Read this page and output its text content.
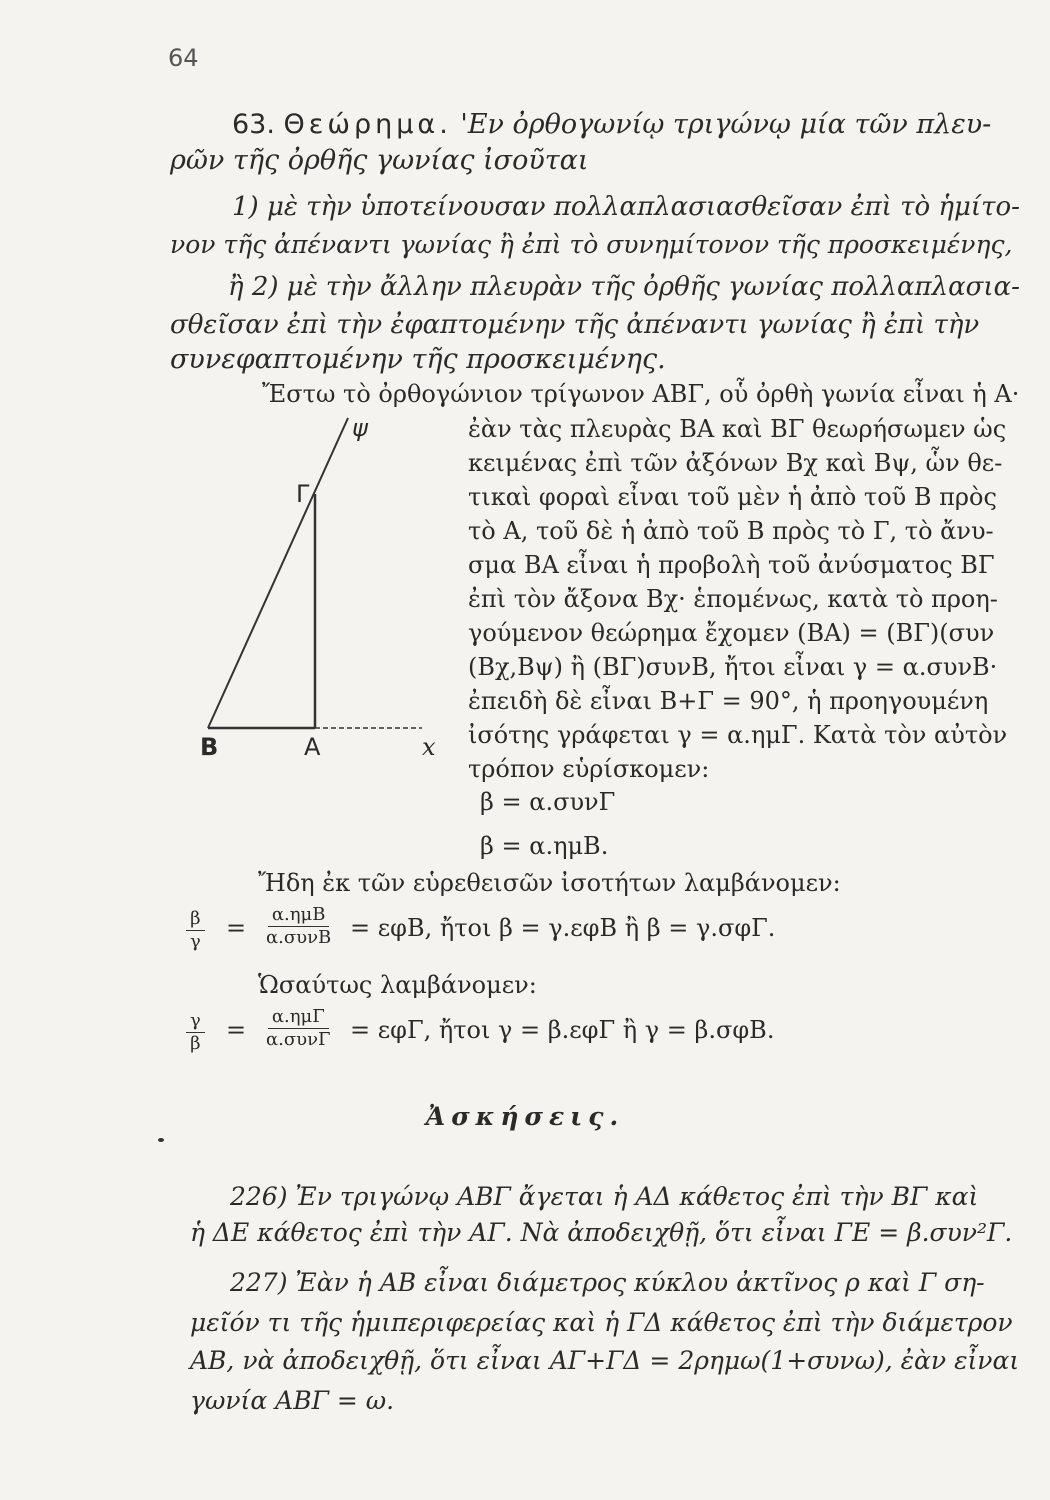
64
63. Θεώρημα. 'Εν ὀρθογωνίῳ τριγώνῳ μία τῶν πλευ-
ρῶν τῆς ὀρθῆς γωνίας ἰσοῦται
1) μὲ τὴν ὑποτείνουσαν πολλαπλασιασθεῖσαν ἐπὶ τὸ ἡμίτο-
νον τῆς ἀπέναντι γωνίας ἢ ἐπὶ τὸ συνημίτονον τῆς προσκειμένης,
ἢ 2) μὲ τὴν ἄλλην πλευρὰν τῆς ὀρθῆς γωνίας πολλαπλασια-
σθεῖσαν ἐπὶ τὴν ἐφαπτομένην τῆς ἀπέναντι γωνίας ἢ ἐπὶ τὴν
συνεφαπτομένην τῆς προσκειμένης.
Ἔστω τὸ ὀρθογώνιον τρίγωνον ΑΒΓ, οὗ ὀρθὴ γωνία εἶναι ἡ Α·
ἐὰν τὰς πλευρὰς ΒΑ καὶ ΒΓ θεωρήσωμεν ὡς
κειμένας ἐπὶ τῶν ἀξόνων Βχ καὶ Βψ, ὧν θε-
τικαὶ φοραὶ εἶναι τοῦ μὲν ἡ ἀπὸ τοῦ Β πρὸς
τὸ Α, τοῦ δὲ ἡ ἀπὸ τοῦ Β πρὸς τὸ Γ, τὸ ἄνυ-
σμα ΒΑ εἶναι ἡ προβολὴ τοῦ ἀνύσματος ΒΓ
ἐπὶ τὸν ἄξονα Βχ· ἑπομένως, κατὰ τὸ προη-
γούμενον θεώρημα ἔχομεν (ΒΑ) = (ΒΓ)(συν
(Βχ,Βψ) ἢ (ΒΓ)συνΒ, ἤτοι εἶναι γ = α.συνΒ·
ἐπειδὴ δὲ εἶναι Β+Γ = 90°, ἡ προηγουμένη
ἰσότης γράφεται γ = α.ημΓ. Κατὰ τὸν αὐτὸν
τρόπον εὑρίσκομεν:
ψ
Γ
Β	Α	x
β = α.συνΓ
β = α.ημΒ.
Ἤδη ἐκ τῶν εὑρεθεισῶν ἰσοτήτων λαμβάνομεν:
$\frac{\beta}{\gamma} = \alpha.\eta\mu B$
α.συνΒ = εφΒ, ἤτοι β = γ.εφΒ ἢ β = γ.σφΓ.
Ὡσαύτως λαμβάνομεν:
$\frac{\gamma}{\beta} = \alpha.\eta\mu\Gamma$
α.συνΓ = εφΓ, ἤτοι γ = β.εφΓ ἢ γ = β.σφΒ.
Ἀσκήσεις.
226) Ἐν τριγώνῳ ΑΒΓ ἄγεται ἡ ΑΔ κάθετος ἐπὶ τὴν ΒΓ καὶ
ἡ ΔΕ κάθετος ἐπὶ τὴν ΑΓ. Νὰ ἀποδειχθῇ, ὅτι εἶναι ΓΕ = β.συν²Γ.
227) Ἐὰν ἡ ΑΒ εἶναι διάμετρος κύκλου ἀκτῖνος ρ καὶ Γ ση-
μεῖόν τι τῆς ἡμιπεριφερείας καὶ ἡ ΓΔ κάθετος ἐπὶ τὴν διάμετρον
ΑΒ, νὰ ἀποδειχθῇ, ὅτι εἶναι ΑΓ+ΓΔ = 2ρημω(1+συνω), ἐὰν εἶναι
γωνία ΑΒΓ = ω.
